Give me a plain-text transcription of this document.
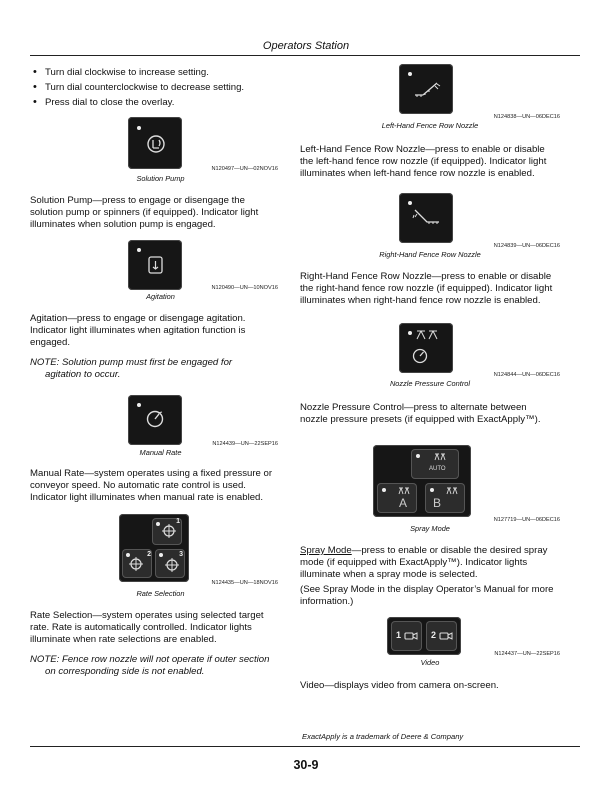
Operators Station
• Turn dial clockwise to increase setting.
• Turn dial counterclockwise to decrease setting.
• Press dial to close the overlay.
Solution Pump
N120497—UN—02NOV16
Solution Pump—press to engage or disengage the solution pump or spinners (if equipped). Indicator light illuminates when solution pump is engaged.
Agitation
N120490—UN—10NOV16
Agitation—press to engage or disengage agitation. Indicator light illuminates when agitation function is engaged.
NOTE: Solution pump must first be engaged for
agitation to occur.
Manual Rate
N124439—UN—22SEP16
Manual Rate—system operates using a fixed pressure or conveyor speed. No automatic rate control is used. Indicator light illuminates when manual rate is enabled.
1
2	3
Rate Selection
N124435—UN—18NOV16
Rate Selection—system operates using selected target rate. Rate is automatically controlled. Indicator lights illuminate when rate selections are enabled.
NOTE: Fence row nozzle will not operate if outer section
on corresponding side is not enabled.
N124838—UN—06DEC16
Left-Hand Fence Row Nozzle
Left-Hand Fence Row Nozzle—press to enable or disable the left-hand fence row nozzle (if equipped). Indicator light illuminates when left-hand fence row nozzle is enabled.
N124839—UN—06DEC16
Right-Hand Fence Row Nozzle
Right-Hand Fence Row Nozzle—press to enable or disable the right-hand fence row nozzle (if equipped). Indicator light illuminates when right-hand fence row nozzle is enabled.
N124844—UN—06DEC16
Nozzle Pressure Control
Nozzle Pressure Control—press to alternate between nozzle pressure presets (if equipped with ExactApply™).
AUTO
A B
N127719—UN—06DEC16
Spray Mode
Spray Mode—press to enable or disable the desired spray mode (if equipped with ExactApply™). Indicator lights illuminate when a spray mode is selected.
(See Spray Mode in the display Operator’s Manual for more information.)
1	2
N124437—UN—22SEP16
Video
Video—displays video from camera on-screen.
ExactApply is a trademark of Deere & Company
30-9
